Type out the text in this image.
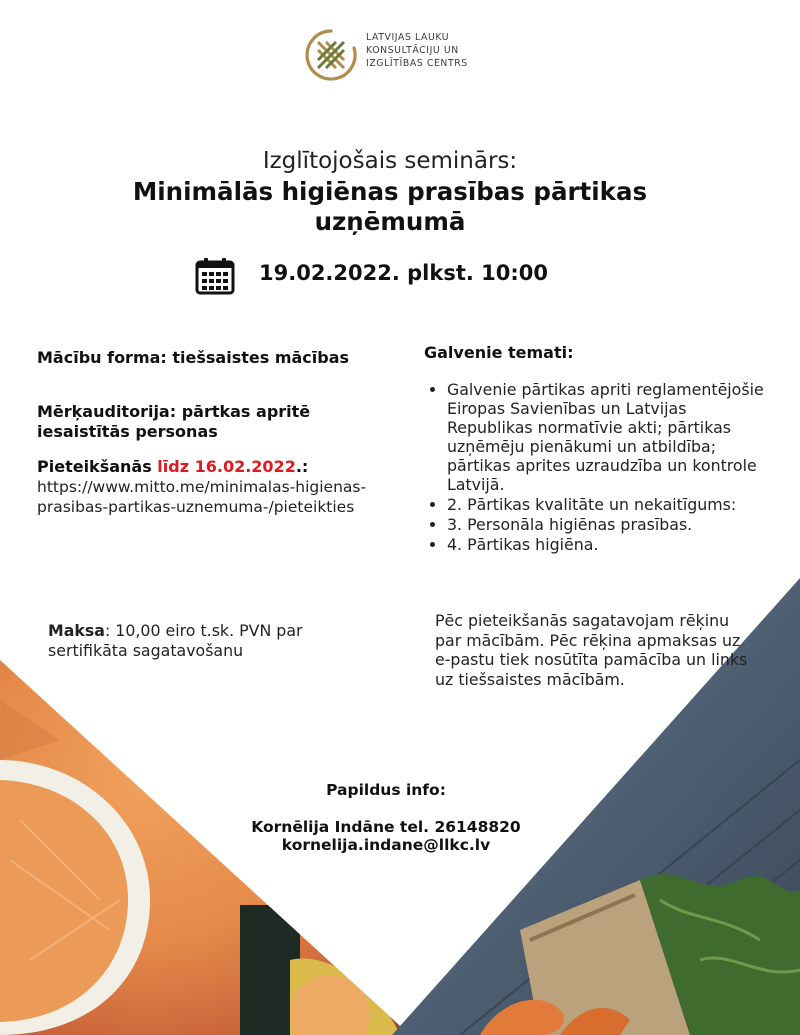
LATVIJAS LAUKU
KONSULTĀCIJU UN
IZGLĪTĪBAS CENTRS
Izglītojošais seminārs:
Minimālās higiēnas prasības pārtikas uzņēmumā
19.02.2022. plkst. 10:00
Mācību forma: tiešsaistes mācības
Mērķauditorija: pārtkas apritē iesaistītās personas
Pieteikšanās līdz 16.02.2022.:
https://www.mitto.me/minimalas-higienas-prasibas-partikas-uznemuma-/pieteikties
Maksa: 10,00 eiro t.sk. PVN par sertifikāta sagatavošanu
Galvenie temati:
• Galvenie pārtikas apriti reglamentējošie Eiropas Savienības un Latvijas Republikas normatīvie akti; pārtikas uzņēmēju pienākumi un atbildība; pārtikas aprites uzraudzība un kontrole Latvijā.
• 2. Pārtikas kvalitāte un nekaitīgums:
• 3. Personāla higiēnas prasības.
• 4. Pārtikas higiēna.
Pēc pieteikšanās sagatavojam rēķinu par mācībām. Pēc rēķina apmaksas uz e-pastu tiek nosūtīta pamācība un links uz tiešsaistes mācībām.
Papildus info:
Kornēlija Indāne tel. 26148820
kornelija.indane@llkc.lv
